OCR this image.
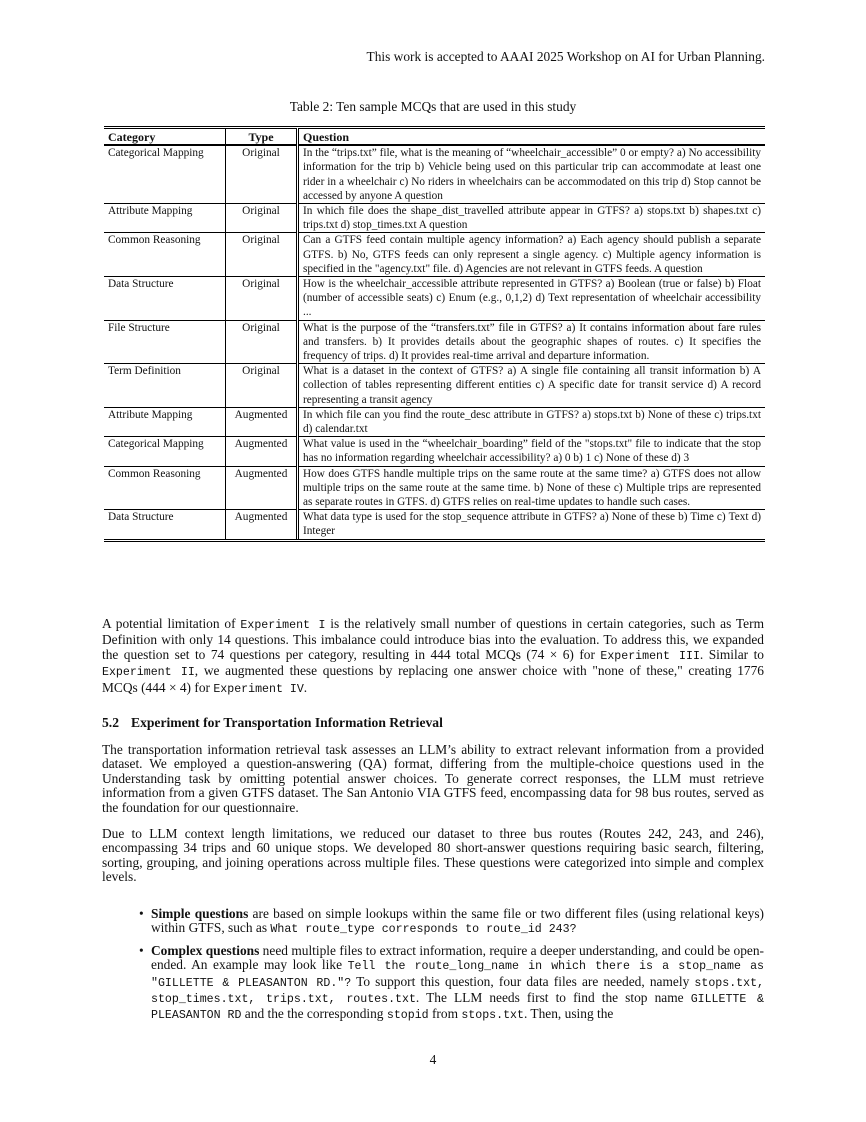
This work is accepted to AAAI 2025 Workshop on AI for Urban Planning.
Table 2: Ten sample MCQs that are used in this study
Category	Type	Question
Categorical Mapping	Original	In the “trips.txt” file, what is the meaning of “wheelchair_accessible” 0 or empty? a) No accessibility information for the trip b) Vehicle being used on this particular trip can accommodate at least one rider in a wheelchair c) No riders in wheelchairs can be accommodated on this trip d) Stop cannot be accessed by anyone A question
Attribute Mapping	Original	In which file does the shape_dist_travelled attribute appear in GTFS? a) stops.txt b) shapes.txt c) trips.txt d) stop_times.txt A question
Common Reasoning	Original	Can a GTFS feed contain multiple agency information? a) Each agency should publish a separate GTFS. b) No, GTFS feeds can only represent a single agency. c) Multiple agency information is specified in the "agency.txt" file. d) Agencies are not relevant in GTFS feeds. A question
Data Structure	Original	How is the wheelchair_accessible attribute represented in GTFS? a) Boolean (true or false) b) Float (number of accessible seats) c) Enum (e.g., 0,1,2) d) Text representation of wheelchair accessibility ...
File Structure	Original	What is the purpose of the “transfers.txt” file in GTFS? a) It contains information about fare rules and transfers. b) It provides details about the geographic shapes of routes. c) It specifies the frequency of trips. d) It provides real-time arrival and departure information.
Term Definition	Original	What is a dataset in the context of GTFS? a) A single file containing all transit information b) A collection of tables representing different entities c) A specific date for transit service d) A record representing a transit agency
Attribute Mapping	Augmented	In which file can you find the route_desc attribute in GTFS? a) stops.txt b) None of these c) trips.txt d) calendar.txt
Categorical Mapping	Augmented	What value is used in the “wheelchair_boarding” field of the "stops.txt" file to indicate that the stop has no information regarding wheelchair accessibility? a) 0 b) 1 c) None of these d) 3
Common Reasoning	Augmented	How does GTFS handle multiple trips on the same route at the same time? a) GTFS does not allow multiple trips on the same route at the same time. b) None of these c) Multiple trips are represented as separate routes in GTFS. d) GTFS relies on real-time updates to handle such cases.
Data Structure	Augmented	What data type is used for the stop_sequence attribute in GTFS? a) None of these b) Time c) Text d) Integer

A potential limitation of Experiment I is the relatively small number of questions in certain categories, such as Term Definition with only 14 questions. This imbalance could introduce bias into the evaluation. To address this, we expanded the question set to 74 questions per category, resulting in 444 total MCQs (74 × 6) for Experiment III. Similar to Experiment II, we augmented these questions by replacing one answer choice with "none of these," creating 1776 MCQs (444 × 4) for Experiment IV.

5.2 Experiment for Transportation Information Retrieval

The transportation information retrieval task assesses an LLM’s ability to extract relevant information from a provided dataset. We employed a question-answering (QA) format, differing from the multiple-choice questions used in the Understanding task by omitting potential answer choices. To generate correct responses, the LLM must retrieve information from a given GTFS dataset. The San Antonio VIA GTFS feed, encompassing data for 98 bus routes, served as the foundation for our questionnaire.

Due to LLM context length limitations, we reduced our dataset to three bus routes (Routes 242, 243, and 246), encompassing 34 trips and 60 unique stops. We developed 80 short-answer questions requiring basic search, filtering, sorting, grouping, and joining operations across multiple files. These questions were categorized into simple and complex levels.

• Simple questions are based on simple lookups within the same file or two different files (using relational keys) within GTFS, such as What route_type corresponds to route_id 243?
• Complex questions need multiple files to extract information, require a deeper understanding, and could be open-ended. An example may look like Tell the route_long_name in which there is a stop_name as "GILLETTE & PLEASANTON RD."? To support this question, four data files are needed, namely stops.txt, stop_times.txt, trips.txt, routes.txt. The LLM needs first to find the stop name GILLETTE & PLEASANTON RD and the the corresponding stopid from stops.txt. Then, using the
4
